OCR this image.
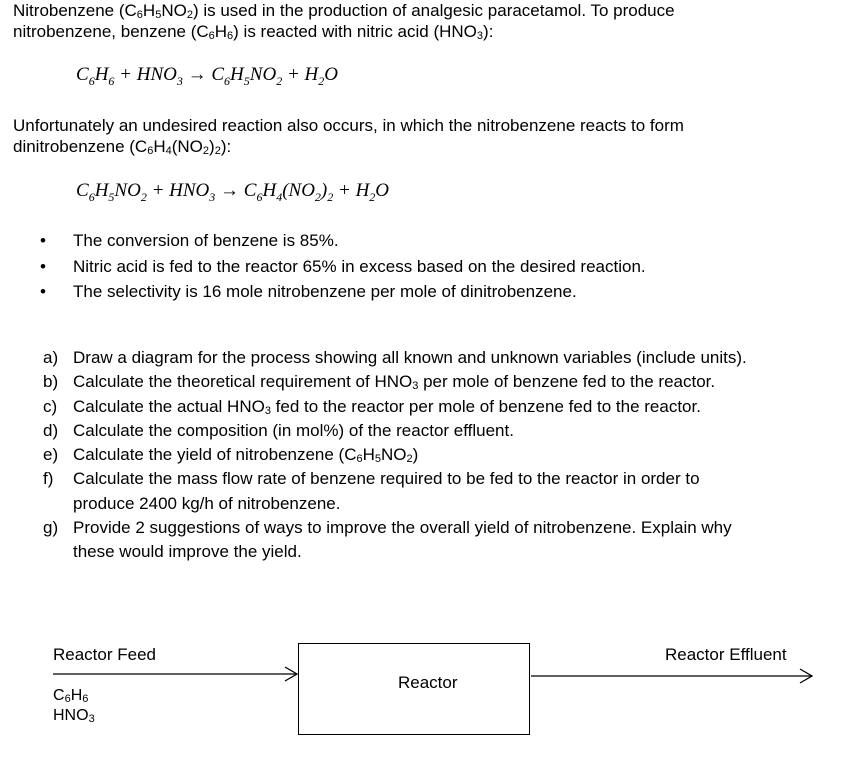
Nitrobenzene $(C_6H_5NO_2)$ is used in the production of analgesic paracetamol. To produce
nitrobenzene, benzene $(C_6H_6)$ is reacted with nitric acid $(HNO_3)$:
$C_6H_6 + HNO_3 \to C_6H_5NO_2 + H_2O$
Unfortunately an undesired reaction also occurs, in which the nitrobenzene reacts to form
dinitrobenzene $(C_6H_4(NO_2)_2)$:
$C_6H_5NO_2 + HNO_3 \to C_6H_4(NO_2)_2 + H_2O$
• The conversion of benzene is 85%.
• Nitric acid is fed to the reactor 65% in excess based on the desired reaction.
• The selectivity is 16 mole nitrobenzene per mole of dinitrobenzene.
a) Draw a diagram for the process showing all known and unknown variables (include units).
b) Calculate the theoretical requirement of $HNO_3$ per mole of benzene fed to the reactor.
c) Calculate the actual $HNO_3$ fed to the reactor per mole of benzene fed to the reactor.
d) Calculate the composition (in mol%) of the reactor effluent.
e) Calculate the yield of nitrobenzene $(C_6H_5NO_2)$
f) Calculate the mass flow rate of benzene required to be fed to the reactor in order to
produce 2400 kg/h of nitrobenzene.
g) Provide 2 suggestions of ways to improve the overall yield of nitrobenzene. Explain why
these would improve the yield.
Reactor Feed	Reactor Effluent
Reactor
$C_6H_6$
$HNO_3$
